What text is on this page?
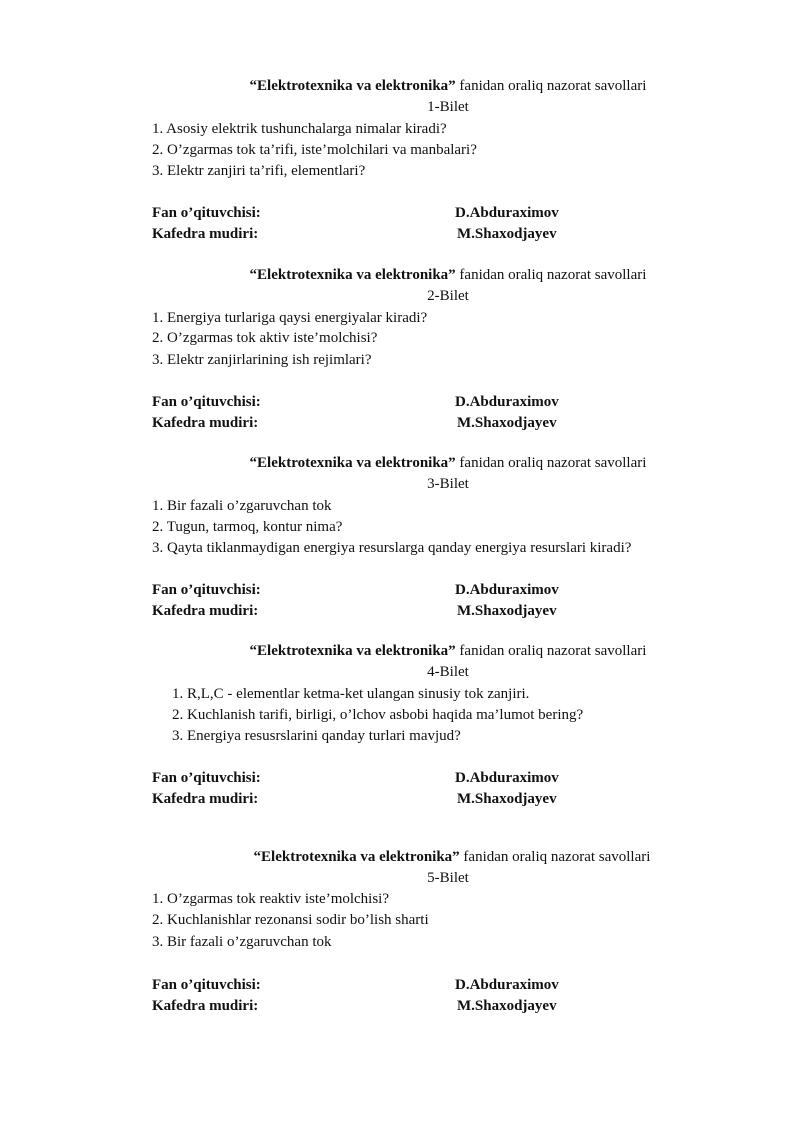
“Elektrotexnika va elektronika” fanidan oraliq nazorat savollari
1-Bilet
1. Asosiy elektrik tushunchalarga nimalar kiradi?
2. O’zgarmas tok ta’rifi, iste’molchilari va manbalari?
3. Elektr zanjiri ta’rifi, elementlari?
Fan o’qituvchisi:	D.Abduraximov
Kafedra mudiri:	M.Shaxodjayev
“Elektrotexnika va elektronika” fanidan oraliq nazorat savollari
2-Bilet
1. Energiya turlariga qaysi energiyalar kiradi?
2. O’zgarmas tok aktiv iste’molchisi?
3. Elektr zanjirlarining ish rejimlari?
Fan o’qituvchisi:	D.Abduraximov
Kafedra mudiri:	M.Shaxodjayev
“Elektrotexnika va elektronika” fanidan oraliq nazorat savollari
3-Bilet
1. Bir fazali o’zgaruvchan tok
2. Tugun, tarmoq, kontur nima?
3. Qayta tiklanmaydigan energiya resurslarga qanday energiya resurslari kiradi?
Fan o’qituvchisi:	D.Abduraximov
Kafedra mudiri:	M.Shaxodjayev
“Elektrotexnika va elektronika” fanidan oraliq nazorat savollari
4-Bilet
1. R,L,C - elementlar ketma-ket ulangan sinusiy tok zanjiri.
2. Kuchlanish tarifi, birligi, o’lchov asbobi haqida ma’lumot bering?
3. Energiya resusrslarini qanday turlari mavjud?
Fan o’qituvchisi:	D.Abduraximov
Kafedra mudiri:	M.Shaxodjayev
“Elektrotexnika va elektronika” fanidan oraliq nazorat savollari
5-Bilet
1. O’zgarmas tok reaktiv iste’molchisi?
2. Kuchlanishlar rezonansi sodir bo’lish sharti
3. Bir fazali o’zgaruvchan tok
Fan o’qituvchisi:	D.Abduraximov
Kafedra mudiri:	M.Shaxodjayev
